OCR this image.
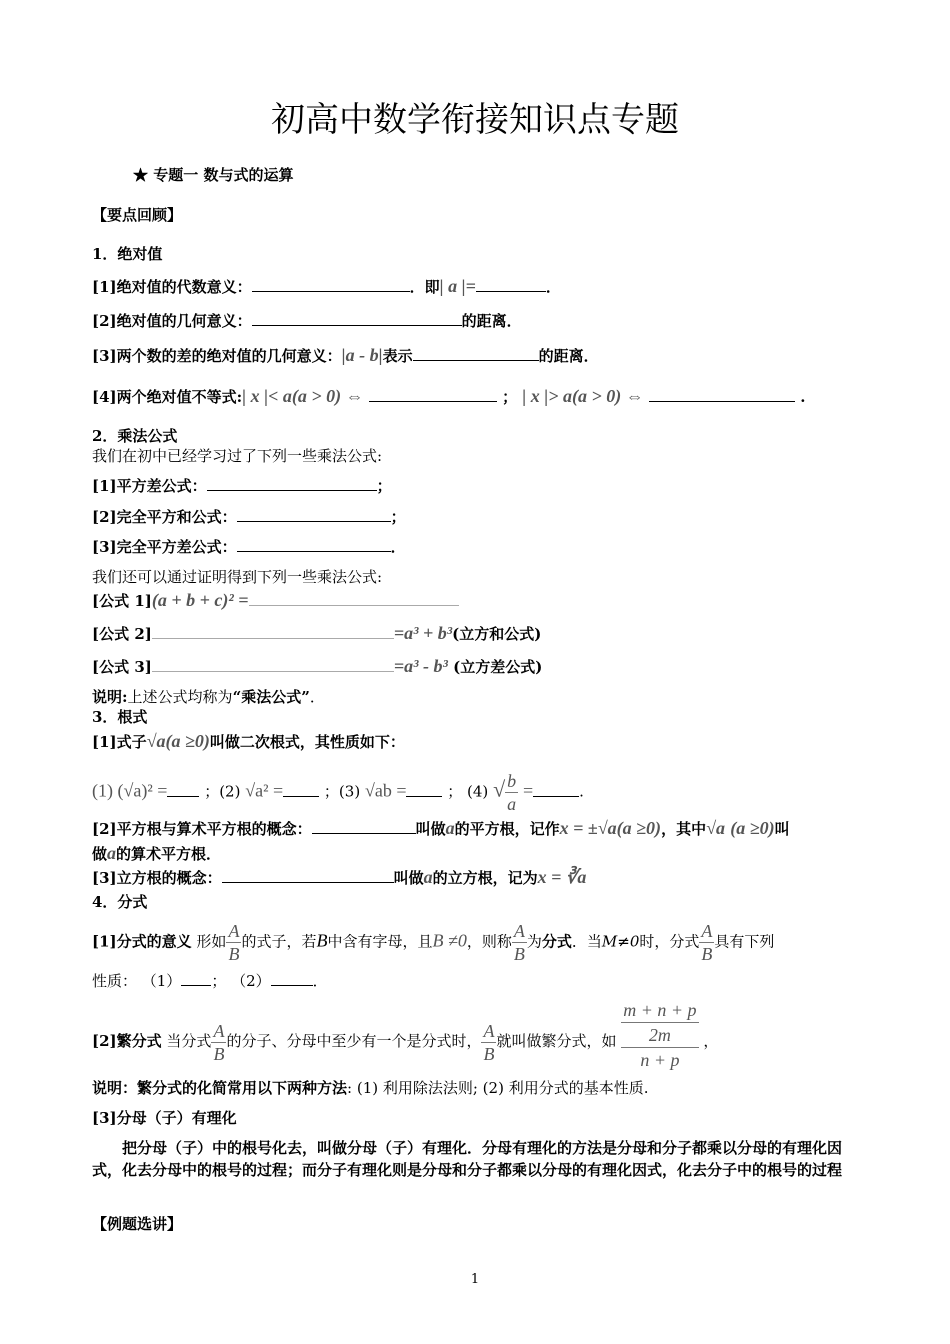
初高中数学衔接知识点专题
★ 专题一 数与式的运算
【要点回顾】
1．绝对值
[1]绝对值的代数意义：	．即| a |=	．
[2]绝对值的几何意义：	的距离．
[3]两个数的差的绝对值的几何意义：|a - b|表示	的距离．
[4]两个绝对值不等式:| x |< a(a > 0) ⇔	； | x |> a(a > 0) ⇔	.
2．乘法公式
我们在初中已经学习过了下列一些乘法公式:
[1]平方差公式：	；
[2]完全平方和公式：	；
[3]完全平方差公式：	．
我们还可以通过证明得到下列一些乘法公式:
[公式 1](a + b + c)² =
[公式 2]	=a³ + b³(立方和公式)
[公式 3]	=a³ - b³ (立方差公式)
说明:上述公式均称为“乘法公式”．
3．根式
[1]式子√a(a ≥0)叫做二次根式，其性质如下：
(1) (√a)² = ；(2) √a² =	；(3) √ab =	； (4) √ $\frac{b}{a}$ =	.
[2]平方根与算术平方根的概念：	叫做a的平方根，记作x = ±√a(a ≥0)，其中√a (a ≥0)叫
做a的算术平方根．
[3]立方根的概念：	叫做a的立方根，记为x = ∛a
4．分式
[1]分式的意义 形如 $\frac{A}{B}$ 的式子，若B中含有字母，且B ≠0，则称 $\frac{A}{B}$ 为分式．当M≠0时，分式 $\frac{A}{B}$ 具有下列
性质： （1） ； （2）	．
[2]繁分式 当分式 $\frac{A}{B}$ 的分子、分母中至少有一个是分式时， $\frac{A}{B}$ 就叫做繁分式，如
m + n + p
2m
n + p
，
说明：繁分式的化简常用以下两种方法: (1) 利用除法法则; (2) 利用分式的基本性质.
[3]分母（子）有理化
把分母（子）中的根号化去，叫做分母（子）有理化．分母有理化的方法是分母和分子都乘以分母的有理化因式，化去分母中的根号的过程；而分子有理化则是分母和分子都乘以分母的有理化因式，化去分子中的根号的过程
【例题选讲】
1
